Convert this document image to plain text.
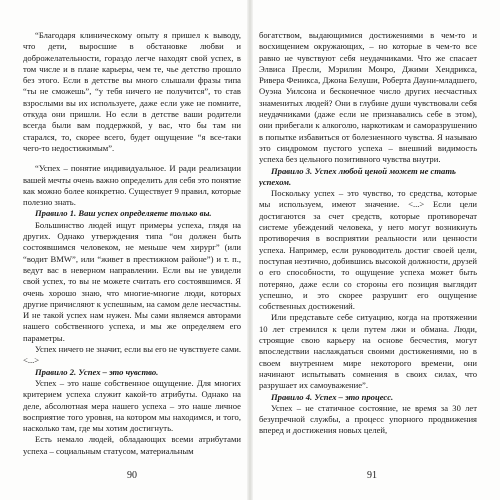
“Благодаря клиническому опыту я пришел к выводу, что дети, выросшие в обстановке любви и доброжелательности, гораздо легче находят свой успех, в том числе и в плане карьеры, чем те, чье детство прошло без этого. Если в детстве вы много слышали фразы типа “ты не сможешь”, “у тебя ничего не получится”, то став взрослыми вы их используете, даже если уже не помните, откуда они пришли. Но если в детстве ваши родители всегда были вам поддержкой, у вас, что бы там ни старался, то, скорее всего, будет ощущение “я все-таки чего-то недостижимым”.

“Успех – понятие индивидуальное. И ради реализации вашей мечты очень важно определить для себя это понятие как можно более конкретно. Существует 9 правил, которые полезно знать.

Правило 1. Ваш успех определяете только вы.

Большинство людей ищут примеры успеха, глядя на других. Однако утверждения типа “он должен быть состоявшимся человеком, не меньше чем хирург” (или “водит BMW”, или “живет в престижном районе”) и т. п., ведут вас в неверном направлении. Если вы не увидели свой успех, то вы не можете считать его состоявшимся. Я очень хорошо знаю, что многие-многие люди, которых другие причисляют к успешным, на самом деле несчастны. И не такой успех нам нужен. Мы сами являемся авторами нашего собственного успеха, и мы же определяем его параметры.

Успех ничего не значит, если вы его не чувствуете сами. <...>

Правило 2. Успех – это чувство.

Успех – это наше собственное ощущение. Для многих критерием успеха служит какой-то атрибуты. Однако на деле, абсолютная мера нашего успеха – это наше личное восприятие того уровня, на котором мы находимся, и того, насколько там, где мы хотим достигнуть.

Есть немало людей, обладающих всеми атрибутами успеха – социальным статусом, материальным

богатством, выдающимися достижениями в чем-то и восхищением окружающих, – но которые в чем-то все равно не чувствуют себя неудачниками. Что же спасает Элвиса Пресли, Мэрилин Монро, Джими Хендрикса, Ривера Феникса, Джона Белуши, Роберта Дауни-младшего, Оуэна Уилсона и бесконечное число других несчастных знаменитых людей? Они в глубине души чувствовали себя неудачниками (даже если не признавались себе в этом), они прибегали к алкоголю, наркотикам и саморазрушению в попытке избавиться от болезненного чувства. Я называю это синдромом пустого успеха – внешний видимость успеха без цельного позитивного чувства внутри.

Правило 3. Успех любой ценой может не стать успехом.

Поскольку успех – это чувство, то средства, которые мы используем, имеют значение. <...> Если цели достигаются за счет средств, которые противоречат системе убеждений человека, у него могут возникнуть противоречия в восприятии реальности или ценности успеха. Например, если руководитель достиг своей цели, поступая неэтично, добившись высокой должности, друзей о его способности, то ощущение успеха может быть потеряно, даже если со стороны его позиция выглядит успешно, и это скорее разрушит его ощущение собственных достижений.

Или представьте себе ситуацию, когда на протяжении 10 лет стремился к цели путем лжи и обмана. Люди, строящие свою карьеру на основе бесчестия, могут впоследствии наслаждаться своими достижениями, но в своем внутреннем мире некоторого времени, они начинают испытывать сомнения в своих силах, что разрушает их самоуважение”.

Правило 4. Успех – это процесс.

Успех – не статичное состояние, не время за 30 лет безупречной службы, а процесс упорного продвижения вперед и достижения новых целей,

90	91
